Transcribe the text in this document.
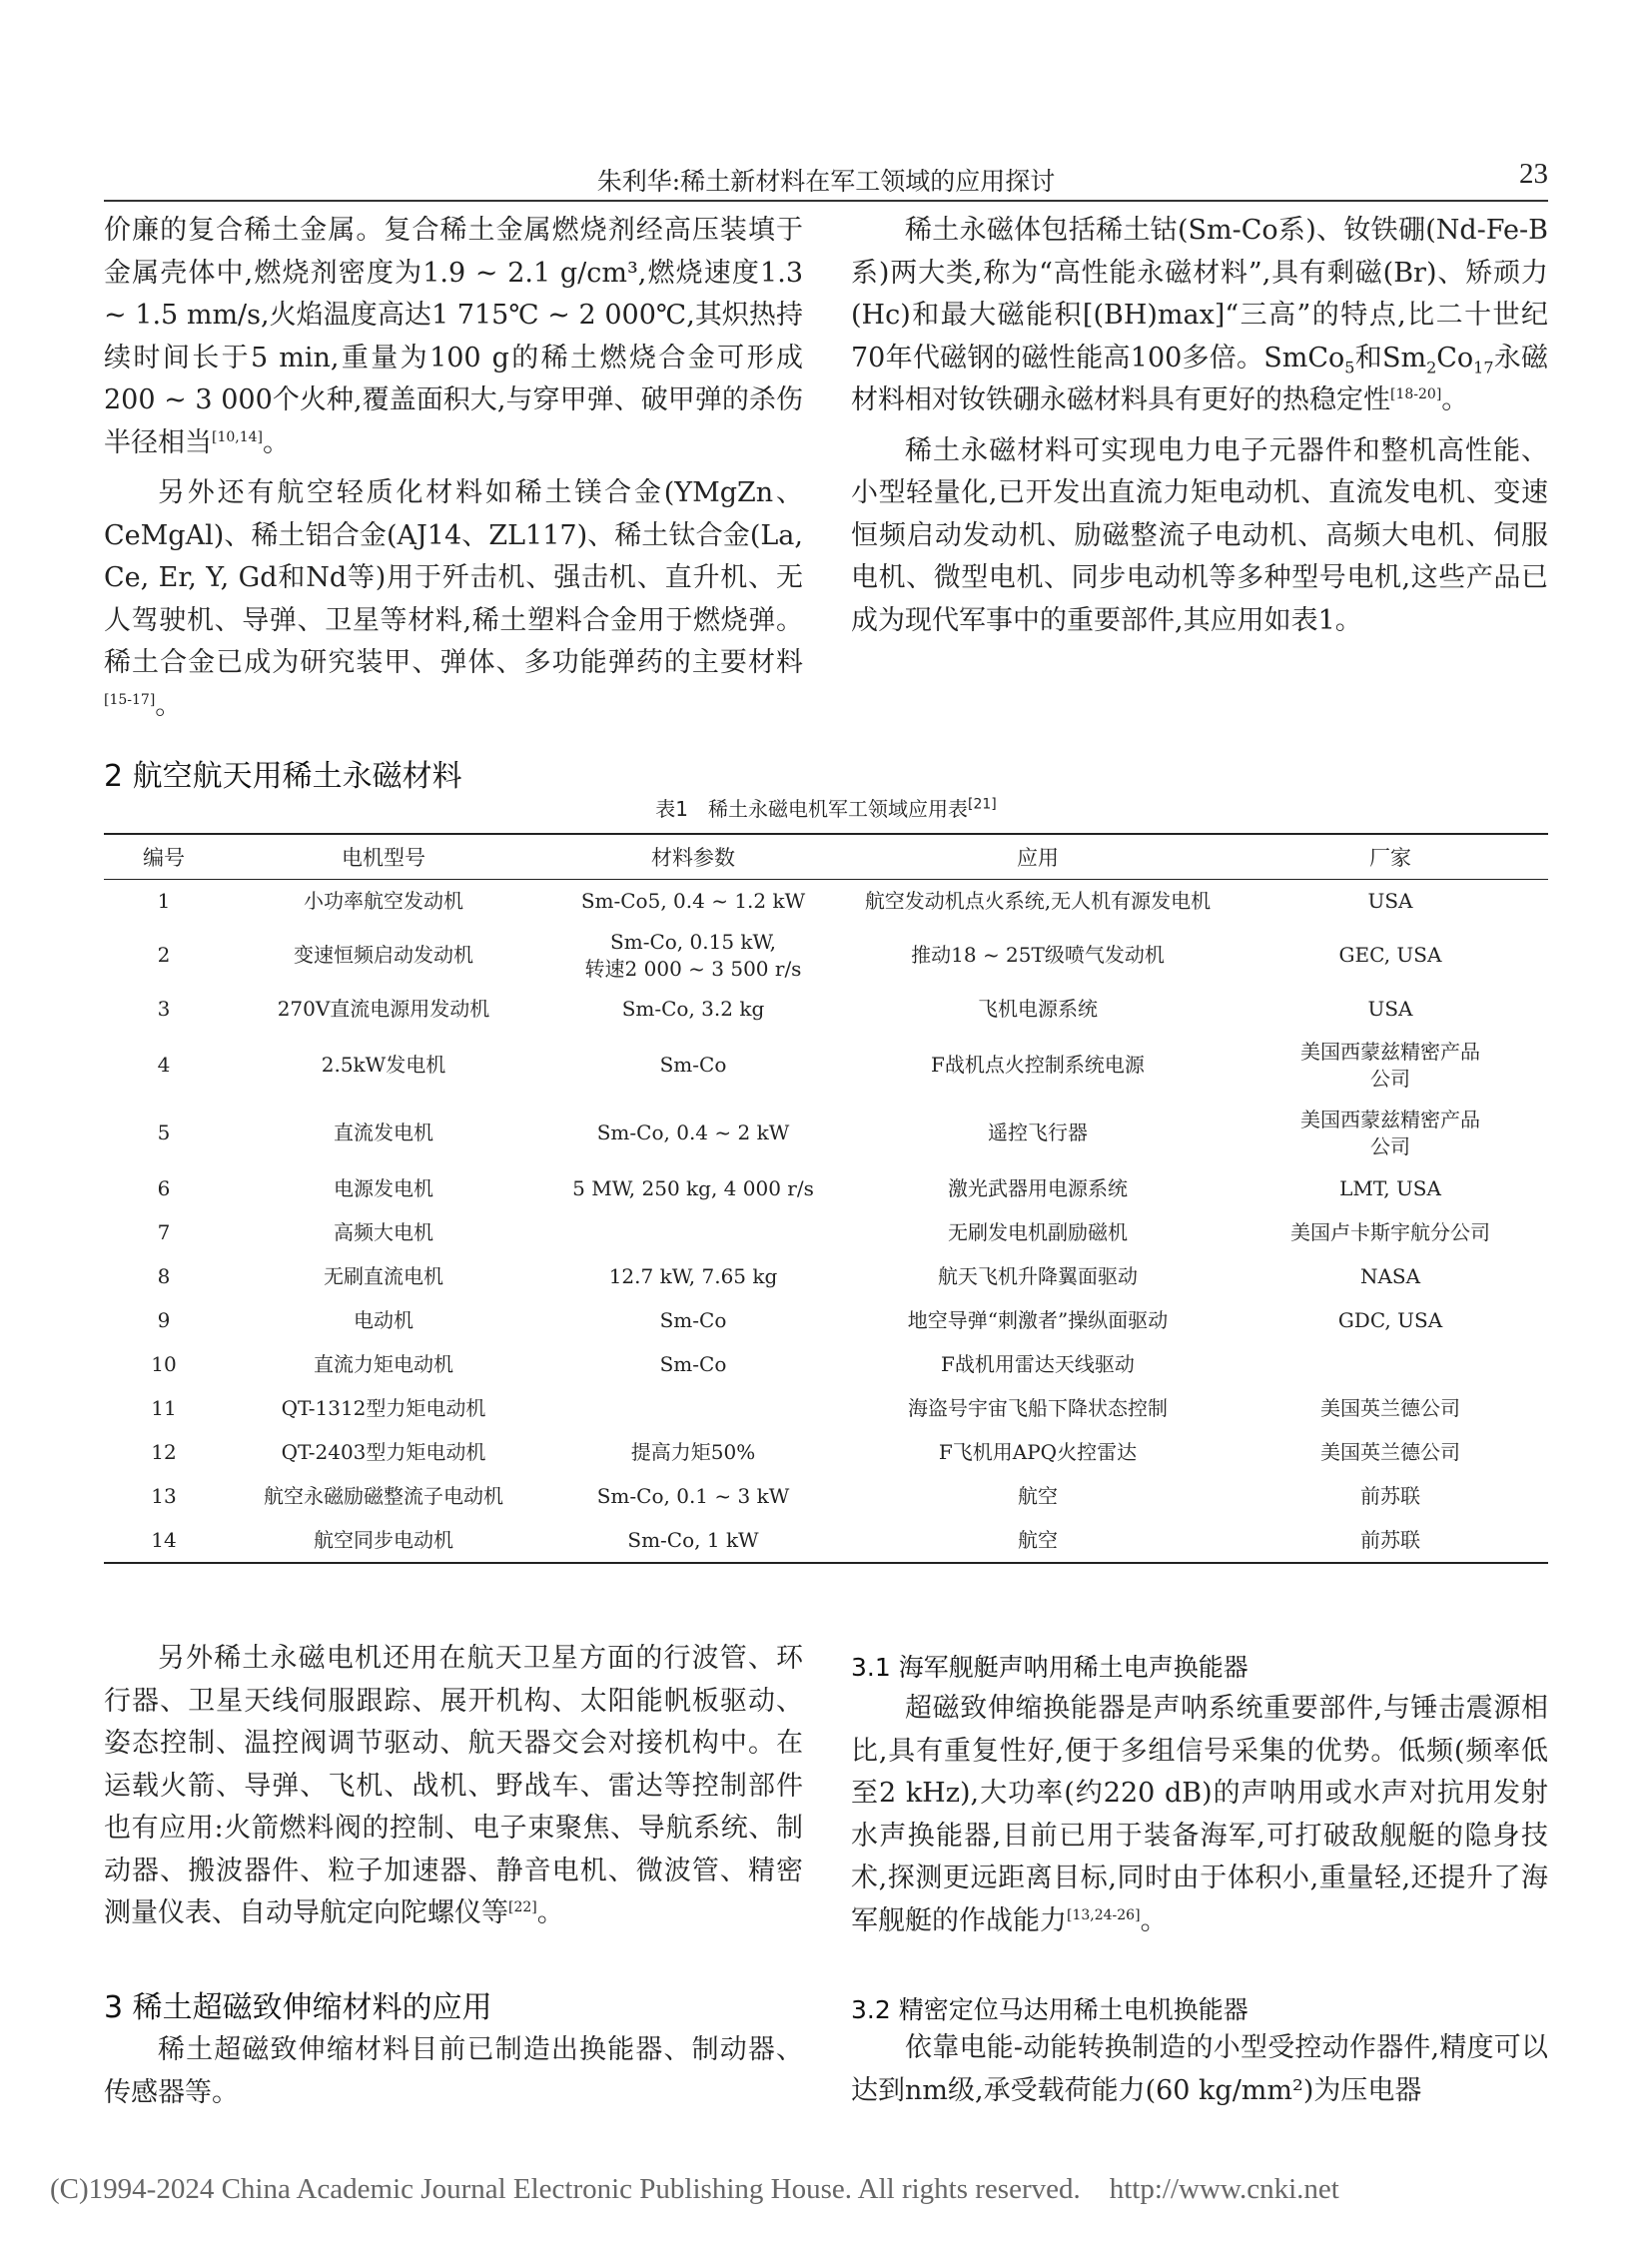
朱利华:稀土新材料在军工领域的应用探讨	23

价廉的复合稀土金属。复合稀土金属燃烧剂经高压装填于金属壳体中,燃烧剂密度为1.9 ~ 2.1 g/cm³,燃烧速度1.3 ~ 1.5 mm/s,火焰温度高达1 715℃ ~ 2 000℃,其炽热持续时间长于5 min,重量为100 g的稀土燃烧合金可形成200 ~ 3 000个火种,覆盖面积大,与穿甲弹、破甲弹的杀伤半径相当[10,14]。

另外还有航空轻质化材料如稀土镁合金(YMgZn、CeMgAl)、稀土铝合金(AJ14、ZL117)、稀土钛合金(La, Ce, Er, Y, Gd和Nd等)用于歼击机、强击机、直升机、无人驾驶机、导弹、卫星等材料,稀土塑料合金用于燃烧弹。稀土合金已成为研究装甲、弹体、多功能弹药的主要材料[15-17]。

2 航空航天用稀土永磁材料

稀土永磁体包括稀土钴(Sm-Co系)、钕铁硼(Nd-Fe-B系)两大类,称为“高性能永磁材料”,具有剩磁(Br)、矫顽力(Hc)和最大磁能积[(BH)max]“三高”的特点,比二十世纪70年代磁钢的磁性能高100多倍。SmCo$_5$和$Sm_2Co_{17}$永磁材料相对钕铁硼永磁材料具有更好的热稳定性[18-20]。

稀土永磁材料可实现电力电子元器件和整机高性能、小型轻量化,已开发出直流力矩电动机、直流发电机、变速恒频启动发动机、励磁整流子电动机、高频大电机、伺服电机、微型电机、同步电动机等多种型号电机,这些产品已成为现代军事中的重要部件,其应用如表1。

表1　稀土永磁电机军工领域应用表[21]
编号	电机型号	材料参数	应用	厂家
1	小功率航空发动机	Sm-Co5, 0.4 ~ 1.2 kW	航空发动机点火系统,无人机有源发电机	USA
2	变速恒频启动发动机	Sm-Co, 0.15 kW,
转速2 000 ~ 3 500 r/s	推动18 ~ 25T级喷气发动机	GEC, USA
3	270V直流电源用发动机	Sm-Co, 3.2 kg	飞机电源系统	USA
4	2.5kW发电机	Sm-Co	F战机点火控制系统电源	美国西蒙兹精密产品
公司
5	直流发电机	Sm-Co, 0.4 ~ 2 kW	遥控飞行器	美国西蒙兹精密产品
公司
6	电源发电机	5 MW, 250 kg, 4 000 r/s	激光武器用电源系统	LMT, USA
7	高频大电机		无刷发电机副励磁机	美国卢卡斯宇航分公司
8	无刷直流电机	12.7 kW, 7.65 kg	航天飞机升降翼面驱动	NASA
9	电动机	Sm-Co	地空导弹“刺激者”操纵面驱动	GDC, USA
10	直流力矩电动机	Sm-Co	F战机用雷达天线驱动	
11	QT-1312型力矩电动机		海盗号宇宙飞船下降状态控制	美国英兰德公司
12	QT-2403型力矩电动机	提高力矩50%	F飞机用APQ火控雷达	美国英兰德公司
13	航空永磁励磁整流子电动机	Sm-Co, 0.1 ~ 3 kW	航空	前苏联
14	航空同步电动机	Sm-Co, 1 kW	航空	前苏联

另外稀土永磁电机还用在航天卫星方面的行波管、环行器、卫星天线伺服跟踪、展开机构、太阳能帆板驱动、姿态控制、温控阀调节驱动、航天器交会对接机构中。在运载火箭、导弹、飞机、战机、野战车、雷达等控制部件也有应用:火箭燃料阀的控制、电子束聚焦、导航系统、制动器、搬波器件、粒子加速器、静音电机、微波管、精密测量仪表、自动导航定向陀螺仪等[22]。

3 稀土超磁致伸缩材料的应用

稀土超磁致伸缩材料目前已制造出换能器、制动器、传感器等。

3.1 海军舰艇声呐用稀土电声换能器

超磁致伸缩换能器是声呐系统重要部件,与锤击震源相比,具有重复性好,便于多组信号采集的优势。低频(频率低至2 kHz),大功率(约220 dB)的声呐用或水声对抗用发射水声换能器,目前已用于装备海军,可打破敌舰艇的隐身技术,探测更远距离目标,同时由于体积小,重量轻,还提升了海军舰艇的作战能力[13,24-26]。

3.2 精密定位马达用稀土电机换能器

依靠电能-动能转换制造的小型受控动作器件,精度可以达到nm级,承受载荷能力(60 kg/mm²)为压电器

(C)1994-2024 China Academic Journal Electronic Publishing House. All rights reserved. http://www.cnki.net
